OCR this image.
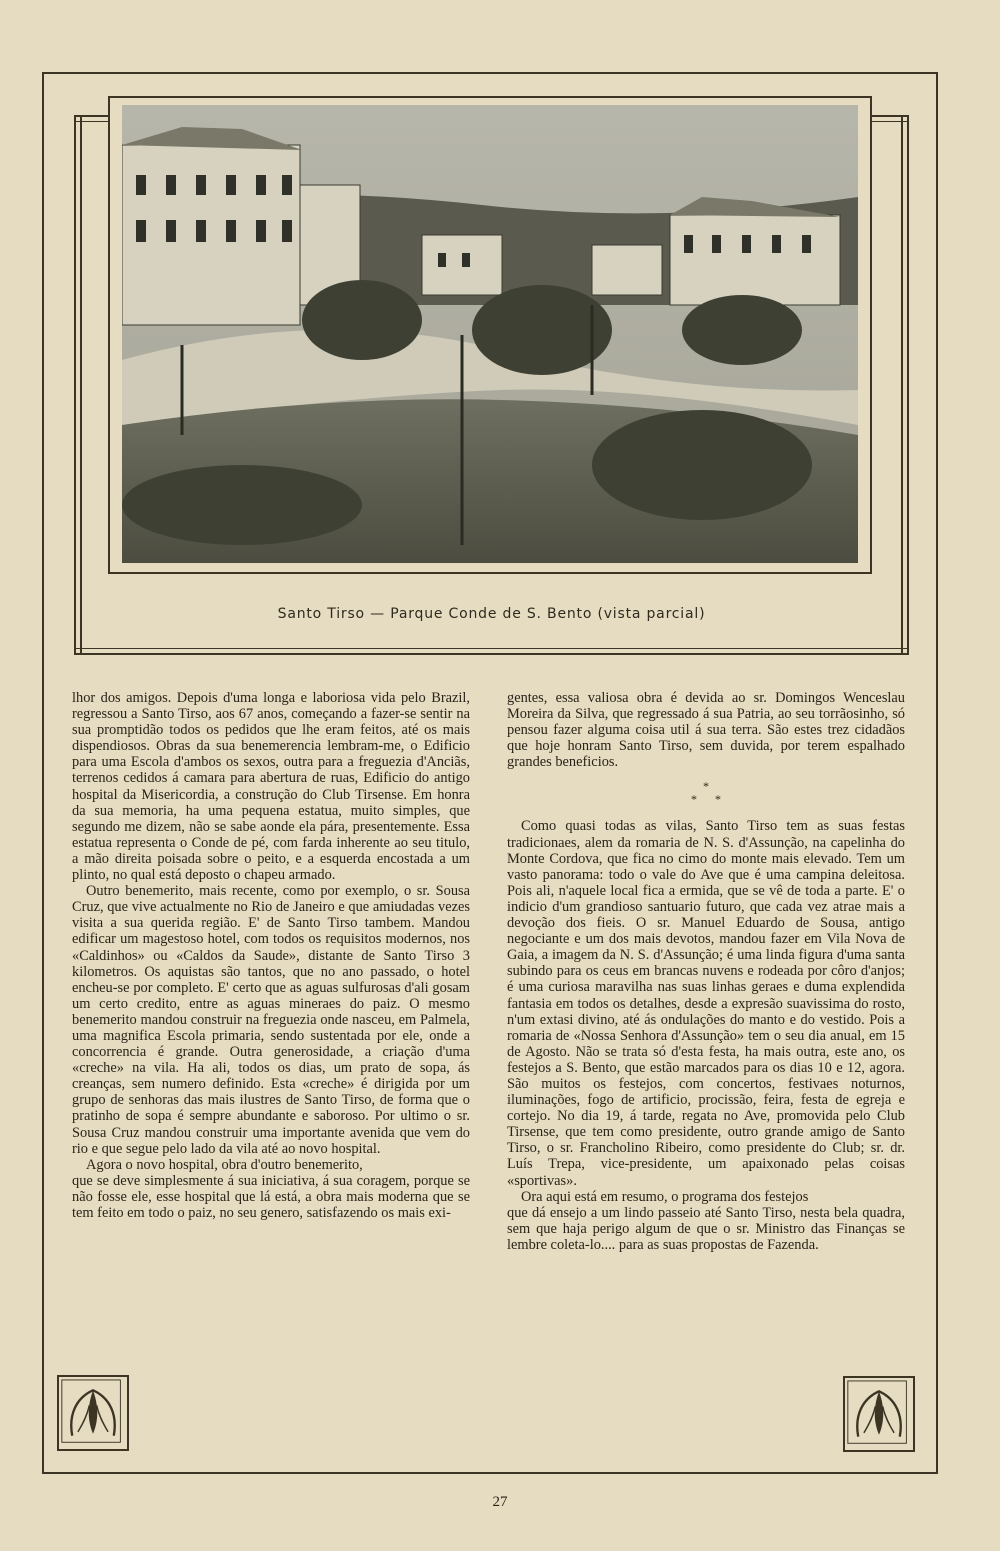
Santo Tirso — Parque Conde de S. Bento (vista parcial)

lhor dos amigos. Depois d'uma longa e laboriosa vida pelo Brazil, regressou a Santo Tirso, aos 67 anos, começando a fazer-se sentir na sua promptidão todos os pedidos que lhe eram feitos, até os mais dispendiosos. Obras da sua benemerencia lembram-me, o Edificio para uma Escola d'ambos os sexos, outra para a freguezia d'Anciãs, terrenos cedidos á camara para abertura de ruas, Edificio do antigo hospital da Misericordia, a construção do Club Tirsense. Em honra da sua memoria, ha uma pequena estatua, muito simples, que segundo me dizem, não se sabe aonde ela pára, presentemente. Essa estatua representa o Conde de pé, com farda inherente ao seu titulo, a mão direita poisada sobre o peito, e a esquerda encostada a um plinto, no qual está deposto o chapeu armado.

Outro benemerito, mais recente, como por exemplo, o sr. Sousa Cruz, que vive actualmente no Rio de Janeiro e que amiudadas vezes visita a sua querida região. E' de Santo Tirso tambem. Mandou edificar um magestoso hotel, com todos os requisitos modernos, nos «Caldinhos» ou «Caldos da Saude», distante de Santo Tirso 3 kilometros. Os aquistas são tantos, que no ano passado, o hotel encheu-se por completo. E' certo que as aguas sulfurosas d'ali gosam um certo credito, entre as aguas mineraes do paiz. O mesmo benemerito mandou construir na freguezia onde nasceu, em Palmela, uma magnifica Escola primaria, sendo sustentada por ele, onde a concorrencia é grande. Outra generosidade, a criação d'uma «creche» na vila. Ha ali, todos os dias, um prato de sopa, ás creanças, sem numero definido. Esta «creche» é dirigida por um grupo de senhoras das mais ilustres de Santo Tirso, de forma que o pratinho de sopa é sempre abundante e saboroso. Por ultimo o sr. Sousa Cruz mandou construir uma importante avenida que vem do rio e que segue pelo lado da vila até ao novo hospital.

Agora o novo hospital, obra d'outro benemerito,

que se deve simplesmente á sua iniciativa, á sua coragem, porque se não fosse ele, esse hospital que lá está, a obra mais moderna que se tem feito em todo o paiz, no seu genero, satisfazendo os mais exi-

gentes, essa valiosa obra é devida ao sr. Domingos Wenceslau Moreira da Silva, que regressado á sua Patria, ao seu torrãosinho, só pensou fazer alguma coisa util á sua terra. São estes trez cidadãos que hoje honram Santo Tirso, sem duvida, por terem espalhado grandes beneficios.

*
*      *

Como quasi todas as vilas, Santo Tirso tem as suas festas tradicionaes, alem da romaria de N. S. d'Assunção, na capelinha do Monte Cordova, que fica no cimo do monte mais elevado. Tem um vasto panorama: todo o vale do Ave que é uma campina deleitosa. Pois ali, n'aquele local fica a ermida, que se vê de toda a parte. E' o indicio d'um grandioso santuario futuro, que cada vez atrae mais a devoção dos fieis. O sr. Manuel Eduardo de Sousa, antigo negociante e um dos mais devotos, mandou fazer em Vila Nova de Gaia, a imagem da N. S. d'Assunção; é uma linda figura d'uma santa subindo para os ceus em brancas nuvens e rodeada por côro d'anjos; é uma curiosa maravilha nas suas linhas geraes e duma explendida fantasia em todos os detalhes, desde a expresão suavissima do rosto, n'um extasi divino, até ás ondulações do manto e do vestido. Pois a romaria de «Nossa Senhora d'Assunção» tem o seu dia anual, em 15 de Agosto. Não se trata só d'esta festa, ha mais outra, este ano, os festejos a S. Bento, que estão marcados para os dias 10 e 12, agora. São muitos os festejos, com concertos, festivaes noturnos, iluminações, fogo de artificio, procissão, feira, festa de egreja e cortejo. No dia 19, á tarde, regata no Ave, promovida pelo Club Tirsense, que tem como presidente, outro grande amigo de Santo Tirso, o sr. Francholino Ribeiro, como presidente do Club; sr. dr. Luís Trepa, vice-presidente, um apaixonado pelas coisas «sportivas».

Ora aqui está em resumo, o programa dos festejos

que dá ensejo a um lindo passeio até Santo Tirso, nesta bela quadra, sem que haja perigo algum de que o sr. Ministro das Finanças se lembre coleta-lo.... para as suas propostas de Fazenda.

27
